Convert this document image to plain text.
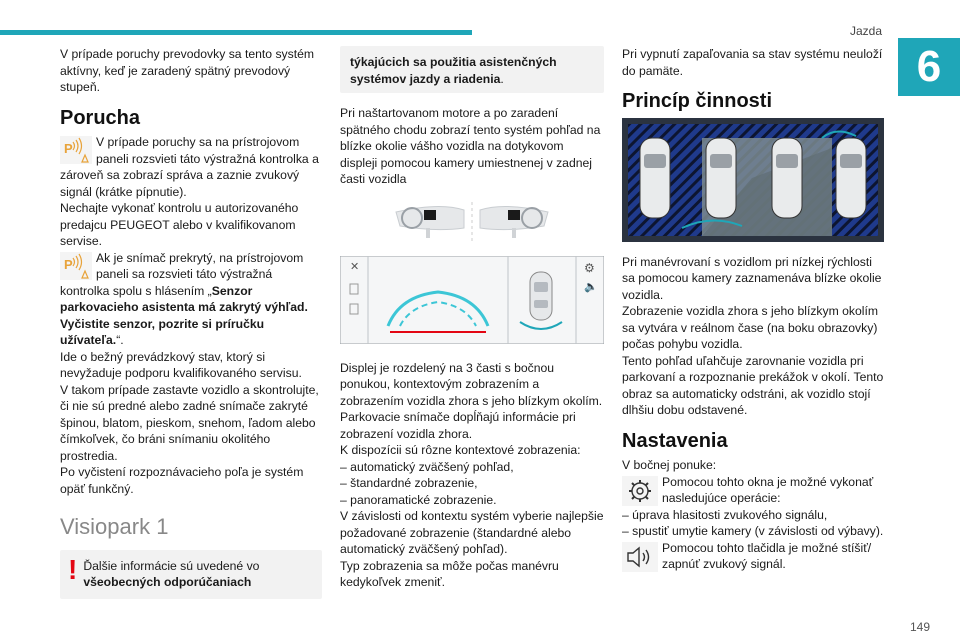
Jazda
6

V prípade poruchy prevodovky sa tento systém aktívny, keď je zaradený spätný prevodový stupeň.

Porucha
P V prípade poruchy sa na prístrojovom paneli rozsvieti táto výstražná kontrolka a zároveň sa zobrazí správa a zaznie zvukový signál (krátke pípnutie).

Nechajte vykonať kontrolu u autorizovaného predajcu PEUGEOT alebo v kvalifikovanom servise.

P Ak je snímač prekrytý, na prístrojovom paneli sa rozsvieti táto výstražná kontrolka spolu s hlásením „Senzor parkovacieho asistenta má zakrytý výhľad. Vyčistite senzor, pozrite si príručku užívateľa.“.

Ide o bežný prevádzkový stav, ktorý si nevyžaduje podporu kvalifikovaného servisu.

V takom prípade zastavte vozidlo a skontrolujte, či nie sú predné alebo zadné snímače zakryté špinou, blatom, pieskom, snehom, ľadom alebo čímkoľvek, čo bráni snímaniu okolitého prostredia.

Po vyčistení rozpoznávacieho poľa je systém opäť funkčný.

Visiopark 1
! Ďalšie informácie sú uvedené vo všeobecných odporúčaniach
týkajúcich sa použitia asistenčných systémov jazdy a riadenia.

Pri naštartovanom motore a po zaradení spätného chodu zobrazí tento systém pohľad na blízke okolie vášho vozidla na dotykovom displeji pomocou kamery umiestnenej v zadnej časti vozidla

✕	⚙
🔈

Displej je rozdelený na 3 časti s bočnou ponukou, kontextovým zobrazením a zobrazením vozidla zhora s jeho blízkym okolím.

Parkovacie snímače dopĺňajú informácie pri zobrazení vozidla zhora.

K dispozícii sú rôzne kontextové zobrazenia:

– automatický zväčšený pohľad,

– štandardné zobrazenie,

– panoramatické zobrazenie.

V závislosti od kontextu systém vyberie najlepšie požadované zobrazenie (štandardné alebo automatický zväčšený pohľad).

Typ zobrazenia sa môže počas manévru kedykoľvek zmeniť.

Pri vypnutí zapaľovania sa stav systému neuloží do pamäte.

Princíp činnosti

Pri manévrovaní s vozidlom pri nízkej rýchlosti sa pomocou kamery zaznamenáva blízke okolie vozidla.

Zobrazenie vozidla zhora s jeho blízkym okolím sa vytvára v reálnom čase (na boku obrazovky) počas pohybu vozidla.

Tento pohľad uľahčuje zarovnanie vozidla pri parkovaní a rozpoznanie prekážok v okolí. Tento obraz sa automaticky odstráni, ak vozidlo stojí dlhšiu dobu odstavené.

Nastavenia

V bočnej ponuke:

Pomocou tohto okna je možné vykonať nasledujúce operácie:

– úprava hlasitosti zvukového signálu,

– spustiť umytie kamery (v závislosti od výbavy).

Pomocou tohto tlačidla je možné stíšiť/ zapnúť zvukový signál.
149
